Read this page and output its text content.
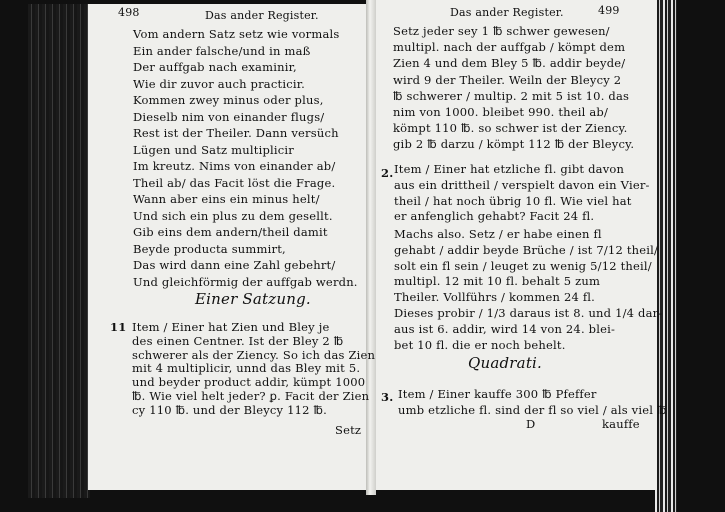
498	Das ander Register.
Vom andern Satz setz wie vormals
Ein ander falsche/und in maß
Der auffgab nach examinir,
Wie dir zuvor auch practicir.
Kommen zwey minus oder plus,
Dieselb nim von einander flugs/
Rest ist der Theiler. Dann versüch
Lügen und Satz multiplicir
Im kreutz. Nims von einander ab/
Theil ab/ das Facit löst die Frage.
Wann aber eins ein minus helt/
Und sich ein plus zu dem gesellt.
Gib eins dem andern/theil damit
Beyde producta summirt,
Das wird dann eine Zahl gebehrt/
Und gleichförmig der auffgab werdn.
Einer Satzung.
11 Item / Einer hat Zien und Bley je
des einen Centner. Ist der Bley 2 ℔
schwerer als der Ziency. So ich das Zien
mit 4 multiplicir, unnd das Bley mit 5.
und beyder product addir, kümpt 1000
℔. Wie viel helt jeder? ꝑ. Facit der Zien
cy 110 ℔. und der Bleycy 112 ℔.
Setz
Das ander Register.	499
Setz jeder sey 1 ℔ schwer gewesen/
multipl. nach der auffgab / kömpt dem
Zien 4 und dem Bley 5 ℔. addir beyde/
wird 9 der Theiler. Weiln der Bleycy 2
℔ schwerer / multip. 2 mit 5 ist 10. das
nim von 1000. bleibet 990. theil ab/
kömpt 110 ℔. so schwer ist der Ziency.
gib 2 ℔ darzu / kömpt 112 ℔ der Bleycy.
2. Item / Einer hat etzliche fl. gibt davon
aus ein drittheil / verspielt davon ein Vier-
theil / hat noch übrig 10 fl. Wie viel hat
er anfenglich gehabt? Facit 24 fl.
Machs also. Setz / er habe einen fl
gehabt / addir beyde Brüche / ist 7/12 theil/
solt ein fl sein / leuget zu wenig 5/12 theil/
multipl. 12 mit 10 fl. behalt 5 zum
Theiler. Vollführs / kommen 24 fl.
Dieses probir / 1/3 daraus ist 8. und 1/4 dar-
aus ist 6. addir, wird 14 von 24. blei-
bet 10 fl. die er noch behelt.
Quadrati.
3. Item / Einer kauffe 300 ℔ Pfeffer
umb etzliche fl. sind der fl so viel / als viel ℔
D	kauffe
